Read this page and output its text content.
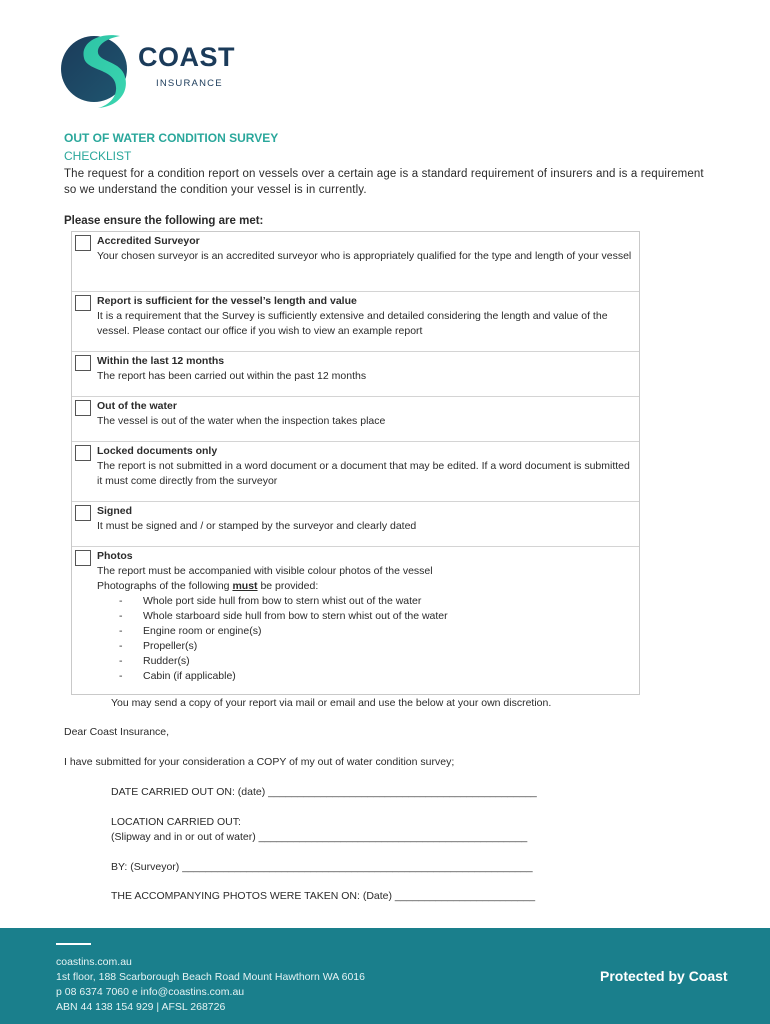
COAST
INSURANCE
OUT OF WATER CONDITION SURVEY
CHECKLIST
The request for a condition report on vessels over a certain age is a standard requirement of insurers and is a requirement so we understand the condition your vessel is in currently.
Please ensure the following are met:
Accredited Surveyor
Your chosen surveyor is an accredited surveyor who is appropriately qualified for the type and length of your vessel
Report is sufficient for the vessel’s length and value
It is a requirement that the Survey is sufficiently extensive and detailed considering the length and value of the vessel. Please contact our office if you wish to view an example report
Within the last 12 months
The report has been carried out within the past 12 months
Out of the water
The vessel is out of the water when the inspection takes place
Locked documents only
The report is not submitted in a word document or a document that may be edited. If a word document is submitted it must come directly from the surveyor
Signed
It must be signed and / or stamped by the surveyor and clearly dated
Photos
The report must be accompanied with visible colour photos of the vessel
Photographs of the following must be provided:
- Whole port side hull from bow to stern whist out of the water
- Whole starboard side hull from bow to stern whist out of the water
- Engine room or engine(s)
- Propeller(s)
- Rudder(s)
- Cabin (if applicable)
You may send a copy of your report via mail or email and use the below at your own discretion.
Dear Coast Insurance,
I have submitted for your consideration a COPY of my out of water condition survey;
DATE CARRIED OUT ON: (date) ______________________________________________
LOCATION CARRIED OUT:
(Slipway and in or out of water) ______________________________________________
BY: (Surveyor) ____________________________________________________________
THE ACCOMPANYING PHOTOS WERE TAKEN ON: (Date) ________________________
coastins.com.au
1st floor, 188 Scarborough Beach Road Mount Hawthorn WA 6016
p 08 6374 7060 e info@coastins.com.au
ABN 44 138 154 929 | AFSL 268726
Protected by Coast
